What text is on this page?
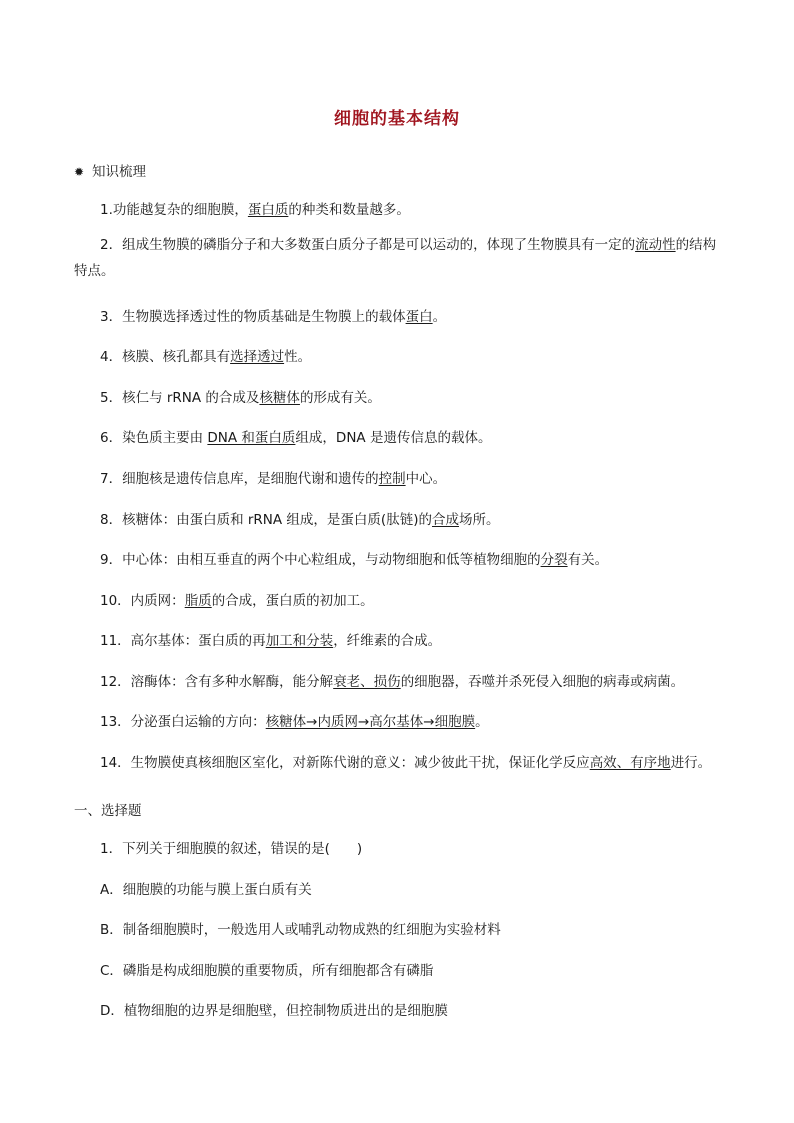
细胞的基本结构
✹ 知识梳理
1.功能越复杂的细胞膜，蛋白质的种类和数量越多。
2．组成生物膜的磷脂分子和大多数蛋白质分子都是可以运动的，体现了生物膜具有一定的流动性的结构特点。
3．生物膜选择透过性的物质基础是生物膜上的载体蛋白。
4．核膜、核孔都具有选择透过性。
5．核仁与 rRNA 的合成及核糖体的形成有关。
6．染色质主要由 DNA 和蛋白质组成，DNA 是遗传信息的载体。
7．细胞核是遗传信息库，是细胞代谢和遗传的控制中心。
8．核糖体：由蛋白质和 rRNA 组成，是蛋白质(肽链)的合成场所。
9．中心体：由相互垂直的两个中心粒组成，与动物细胞和低等植物细胞的分裂有关。
10．内质网：脂质的合成，蛋白质的初加工。
11．高尔基体：蛋白质的再加工和分装，纤维素的合成。
12．溶酶体：含有多种水解酶，能分解衰老、损伤的细胞器，吞噬并杀死侵入细胞的病毒或病菌。
13．分泌蛋白运输的方向：核糖体→内质网→高尔基体→细胞膜。
14．生物膜使真核细胞区室化，对新陈代谢的意义：减少彼此干扰，保证化学反应高效、有序地进行。
一、选择题
1．下列关于细胞膜的叙述，错误的是(　　)
A．细胞膜的功能与膜上蛋白质有关
B．制备细胞膜时，一般选用人或哺乳动物成熟的红细胞为实验材料
C．磷脂是构成细胞膜的重要物质，所有细胞都含有磷脂
D．植物细胞的边界是细胞壁，但控制物质进出的是细胞膜
